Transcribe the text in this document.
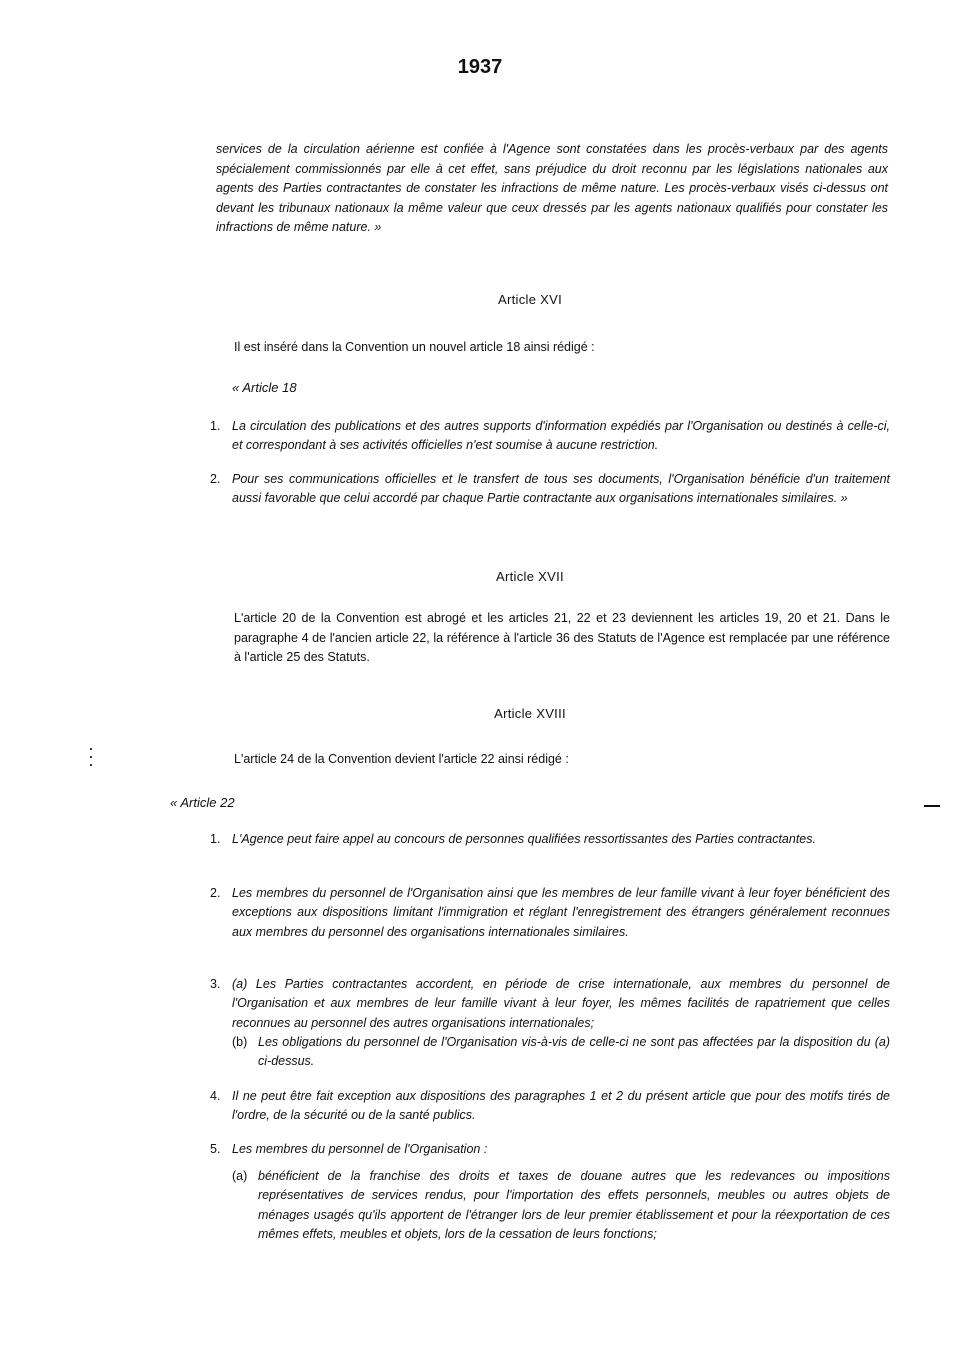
1937
services de la circulation aérienne est confiée à l'Agence sont constatées dans les procès-verbaux par des agents spécialement commissionnés par elle à cet effet, sans préjudice du droit reconnu par les législations nationales aux agents des Parties contractantes de constater les infractions de même nature. Les procès-verbaux visés ci-dessus ont devant les tribunaux nationaux la même valeur que ceux dressés par les agents nationaux qualifiés pour constater les infractions de même nature. »
Article XVI
Il est inséré dans la Convention un nouvel article 18 ainsi rédigé :
« Article 18
1. La circulation des publications et des autres supports d'information expédiés par l'Organisation ou destinés à celle-ci, et correspondant à ses activités officielles n'est soumise à aucune restriction.
2. Pour ses communications officielles et le transfert de tous ses documents, l'Organisation bénéficie d'un traitement aussi favorable que celui accordé par chaque Partie contractante aux organisations internationales similaires. »
Article XVII
L'article 20 de la Convention est abrogé et les articles 21, 22 et 23 deviennent les articles 19, 20 et 21. Dans le paragraphe 4 de l'ancien article 22, la référence à l'article 36 des Statuts de l'Agence est remplacée par une référence à l'article 25 des Statuts.
Article XVIII
L'article 24 de la Convention devient l'article 22 ainsi rédigé :
« Article 22
1. L'Agence peut faire appel au concours de personnes qualifiées ressortissantes des Parties contractantes.
2. Les membres du personnel de l'Organisation ainsi que les membres de leur famille vivant à leur foyer bénéficient des exceptions aux dispositions limitant l'immigration et réglant l'enregistrement des étrangers généralement reconnues aux membres du personnel des organisations internationales similaires.
3. (a) Les Parties contractantes accordent, en période de crise internationale, aux membres du personnel de l'Organisation et aux membres de leur famille vivant à leur foyer, les mêmes facilités de rapatriement que celles reconnues au personnel des autres organisations internationales;
(b) Les obligations du personnel de l'Organisation vis-à-vis de celle-ci ne sont pas affectées par la disposition du (a) ci-dessus.
4. Il ne peut être fait exception aux dispositions des paragraphes 1 et 2 du présent article que pour des motifs tirés de l'ordre, de la sécurité ou de la santé publics.
5. Les membres du personnel de l'Organisation :
(a) bénéficient de la franchise des droits et taxes de douane autres que les redevances ou impositions représentatives de services rendus, pour l'importation des effets personnels, meubles ou autres objets de ménages usagés qu'ils apportent de l'étranger lors de leur premier établissement et pour la réexportation de ces mêmes effets, meubles et objets, lors de la cessation de leurs fonctions;
